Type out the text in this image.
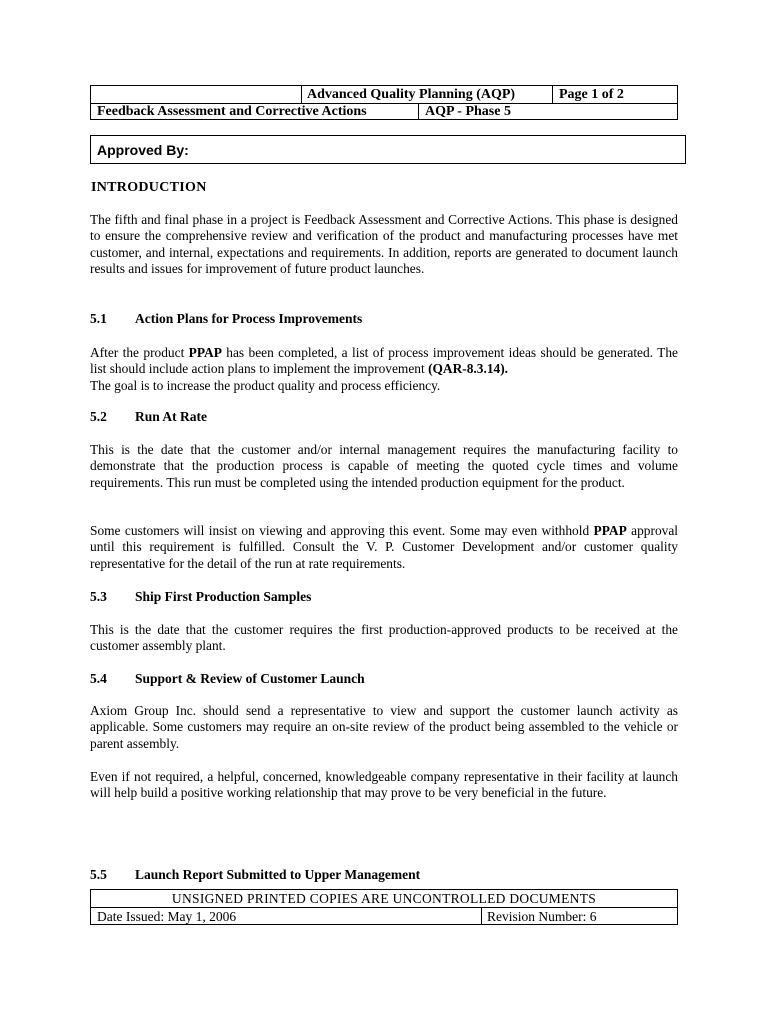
Advanced Quality Planning (AQP)	Page 1 of 2
Feedback Assessment and Corrective Actions	AQP - Phase 5
Approved By:
INTRODUCTION
The fifth and final phase in a project is Feedback Assessment and Corrective Actions. This phase is designed to ensure the comprehensive review and verification of the product and manufacturing processes have met customer, and internal, expectations and requirements. In addition, reports are generated to document launch results and issues for improvement of future product launches.
5.1 Action Plans for Process Improvements
After the product PPAP has been completed, a list of process improvement ideas should be generated. The list should include action plans to implement the improvement (QAR-8.3.14).
The goal is to increase the product quality and process efficiency.
5.2 Run At Rate
This is the date that the customer and/or internal management requires the manufacturing facility to demonstrate that the production process is capable of meeting the quoted cycle times and volume requirements. This run must be completed using the intended production equipment for the product.
Some customers will insist on viewing and approving this event. Some may even withhold PPAP approval until this requirement is fulfilled. Consult the V. P. Customer Development and/or customer quality representative for the detail of the run at rate requirements.
5.3 Ship First Production Samples
This is the date that the customer requires the first production-approved products to be received at the customer assembly plant.
5.4 Support & Review of Customer Launch
Axiom Group Inc. should send a representative to view and support the customer launch activity as applicable. Some customers may require an on-site review of the product being assembled to the vehicle or parent assembly.
Even if not required, a helpful, concerned, knowledgeable company representative in their facility at launch will help build a positive working relationship that may prove to be very beneficial in the future.
5.5 Launch Report Submitted to Upper Management
UNSIGNED PRINTED COPIES ARE UNCONTROLLED DOCUMENTS
Date Issued: May 1, 2006	Revision Number: 6
